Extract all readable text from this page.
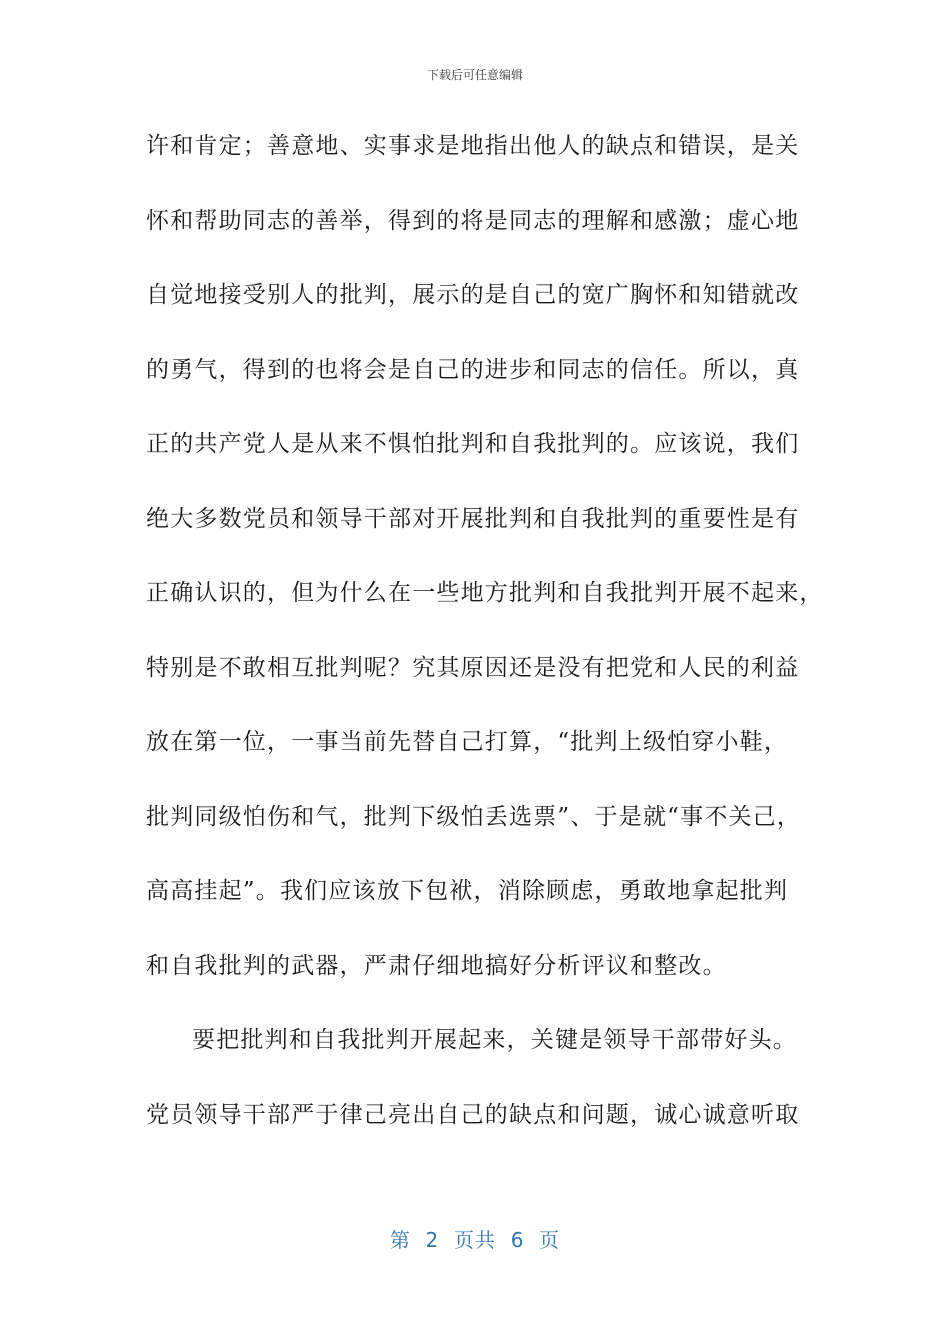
下载后可任意编辑
许和肯定；善意地、实事求是地指出他人的缺点和错误，是关
怀和帮助同志的善举，得到的将是同志的理解和感激；虚心地
自觉地接受别人的批判，展示的是自己的宽广胸怀和知错就改
的勇气，得到的也将会是自己的进步和同志的信任。所以，真
正的共产党人是从来不惧怕批判和自我批判的。应该说，我们
绝大多数党员和领导干部对开展批判和自我批判的重要性是有
正确认识的，但为什么在一些地方批判和自我批判开展不起来，
特别是不敢相互批判呢？究其原因还是没有把党和人民的利益
放在第一位，一事当前先替自己打算，“批判上级怕穿小鞋，
批判同级怕伤和气，批判下级怕丢选票”、于是就“事不关己，
高高挂起”。我们应该放下包袱，消除顾虑，勇敢地拿起批判
和自我批判的武器，严肃仔细地搞好分析评议和整改。
要把批判和自我批判开展起来，关键是领导干部带好头。
党员领导干部严于律己亮出自己的缺点和问题，诚心诚意听取
第  2  页共  6  页
